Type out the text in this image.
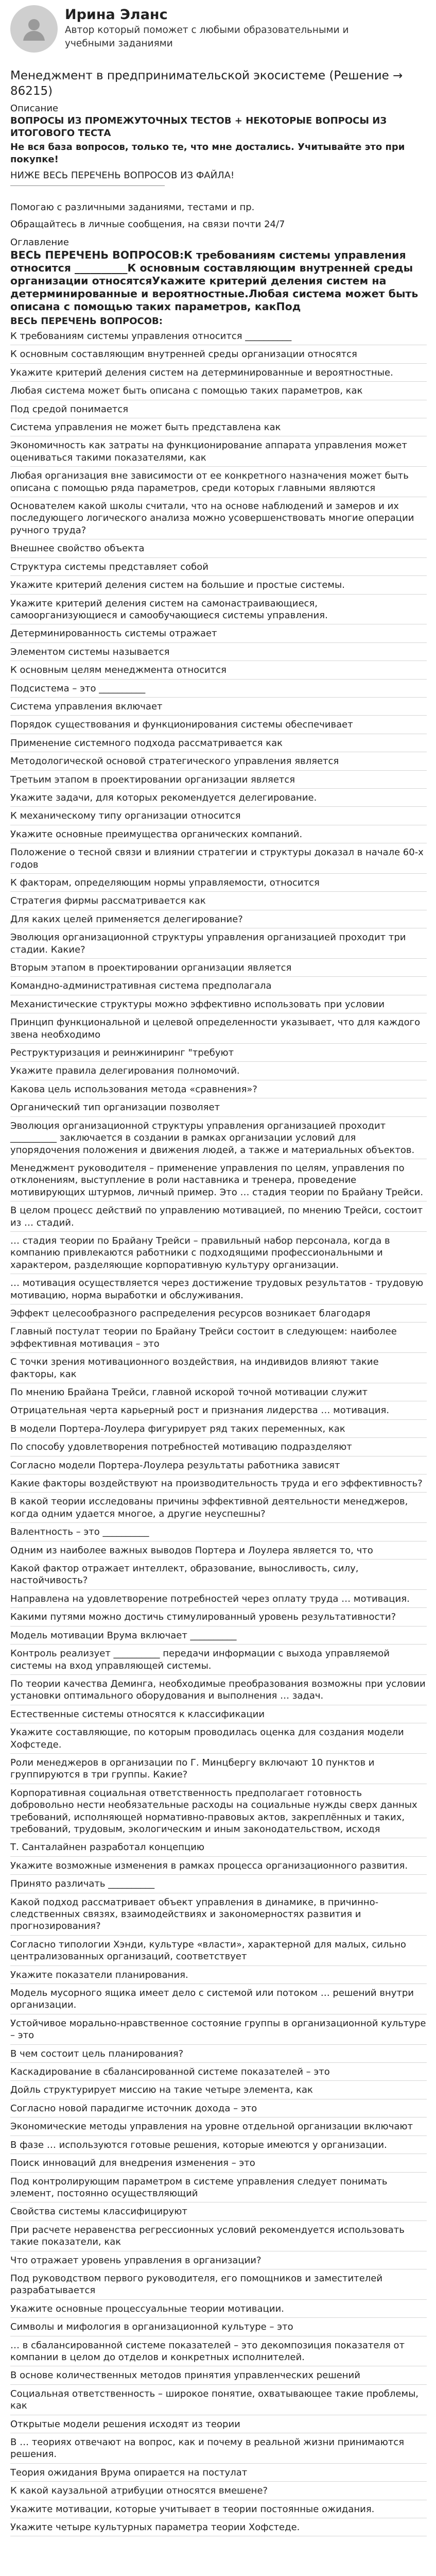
Ирина Эланс
Автор который поможет с любыми образовательными и учебными заданиями
Менеджмент в предпринимательской экосистеме (Решение → 86215)
Описание
ВОПРОСЫ ИЗ ПРОМЕЖУТОЧНЫХ ТЕСТОВ + НЕКОТОРЫЕ ВОПРОСЫ ИЗ ИТОГОВОГО ТЕСТА
Не вся база вопросов, только те, что мне достались. Учитывайте это при покупке!
НИЖЕ ВЕСЬ ПЕРЕЧЕНЬ ВОПРОСОВ ИЗ ФАЙЛА!
Помогаю с различными заданиями, тестами и пр.
Обращайтесь в личные сообщения, на связи почти 24/7
Оглавление
ВЕСЬ ПЕРЕЧЕНЬ ВОПРОСОВ:К требованиям системы управления относится __________К основным составляющим внутренней среды организации относятсяУкажите критерий деления систем на детерминированные и вероятностные.Любая система может быть описана с помощью таких параметров, какПод
ВЕСЬ ПЕРЕЧЕНЬ ВОПРОСОВ:
К требованиям системы управления относится __________
К основным составляющим внутренней среды организации относятся
Укажите критерий деления систем на детерминированные и вероятностные.
Любая система может быть описана с помощью таких параметров, как
Под средой понимается
Система управления не может быть представлена как
Экономичность как затраты на функционирование аппарата управления может оцениваться такими показателями, как
Любая организация вне зависимости от ее конкретного назначения может быть описана с помощью ряда параметров, среди которых главными являются
Основателем какой школы считали, что на основе наблюдений и замеров и их последующего логического анализа можно усовершенствовать многие операции ручного труда?
Внешнее свойство объекта
Структура системы представляет собой
Укажите критерий деления систем на большие и простые системы.
Укажите критерий деления систем на самонастраивающиеся, самоорганизующиеся и самообучающиеся системы управления.
Детерминированность системы отражает
Элементом системы называется
К основным целям менеджмента относится
Подсистема – это __________
Система управления включает
Порядок существования и функционирования системы обеспечивает
Применение системного подхода рассматривается как
Методологической основой стратегического управления является
Третьим этапом в проектировании организации является
Укажите задачи, для которых рекомендуется делегирование.
К механическому типу организации относится
Укажите основные преимущества органических компаний.
Положение о тесной связи и влиянии стратегии и структуры доказал в начале 60-х годов
К факторам, определяющим нормы управляемости, относится
Стратегия фирмы рассматривается как
Для каких целей применяется делегирование?
Эволюция организационной структуры управления организацией проходит три стадии. Какие?
Вторым этапом в проектировании организации является
Командно-административная система предполагала
Механистические структуры можно эффективно использовать при условии
Принцип функциональной и целевой определенности указывает, что для каждого звена необходимо
Реструктуризация и реинжиниринг "требуют
Укажите правила делегирования полномочий.
Какова цель использования метода «сравнения»?
Органический тип организации позволяет
Эволюция организационной структуры управления организацией проходит __________ заключается в создании в рамках организации условий для упорядочения положения и движения людей, а также и материальных объектов.
Менеджмент руководителя – применение управления по целям, управления по отклонениям, выступление в роли наставника и тренера, проведение мотивирующих штурмов, личный пример. Это … стадия теории по Брайану Трейси.
В целом процесс действий по управлению мотивацией, по мнению Трейси, состоит из … стадий.
… стадия теории по Брайану Трейси – правильный набор персонала, когда в компанию привлекаются работники с подходящими профессиональными и характером, разделяющие корпоративную культуру организации.
… мотивация осуществляется через достижение трудовых результатов - трудовую мотивацию, норма выработки и обслуживания.
Эффект целесообразного распределения ресурсов возникает благодаря
Главный постулат теории по Брайану Трейси состоит в следующем: наиболее эффективная мотивация – это
С точки зрения мотивационного воздействия, на индивидов влияют такие факторы, как
По мнению Брайана Трейси, главной искорой точной мотивации служит
Отрицательная черта карьерный рост и признания лидерства … мотивация.
В модели Портера-Лоулера фигурирует ряд таких переменных, как
По способу удовлетворения потребностей мотивацию подразделяют
Согласно модели Портера-Лоулера результаты работника зависят
Какие факторы воздействуют на производительность труда и его эффективность?
В какой теории исследованы причины эффективной деятельности менеджеров, когда одним удается многое, а другие неуспешны?
Валентность – это __________
Одним из наиболее важных выводов Портера и Лоулера является то, что
Какой фактор отражает интеллект, образование, выносливость, силу, настойчивость?
Направлена на удовлетворение потребностей через оплату труда … мотивация.
Какими путями можно достичь стимулированный уровень результативности?
Модель мотивации Врума включает __________
Контроль реализует __________ передачи информации с выхода управляемой системы на вход управляющей системы.
По теории качества Деминга, необходимые преобразования возможны при условии установки оптимального оборудования и выполнения … задач.
Естественные системы относятся к классификации
Укажите составляющие, по которым проводилась оценка для создания модели Хофстеде.
Роли менеджеров в организации по Г. Минцбергу включают 10 пунктов и группируются в три группы. Какие?
Корпоративная социальная ответственность предполагает готовность добровольно нести необязательные расходы на социальные нужды сверх данных требований, исполняющей нормативно-правовых актов, закреплённых и таких, требований, трудовым, экологическим и иным законодательством, исходя
Т. Санталайнен разработал концепцию
Укажите возможные изменения в рамках процесса организационного развития.
Принято различать __________
Какой подход рассматривает объект управления в динамике, в причинно-следственных связях, взаимодействиях и закономерностях развития и прогнозирования?
Согласно типологии Хэнди, культуре «власти», характерной для малых, сильно централизованных организаций, соответствует
Укажите показатели планирования.
Модель мусорного ящика имеет дело с системой или потоком … решений внутри организации.
Устойчивое морально-нравственное состояние группы в организационной культуре – это
В чем состоит цель планирования?
Каскадирование в сбалансированной системе показателей – это
Дойль структурирует миссию на такие четыре элемента, как
Согласно новой парадигме источник дохода – это
Экономические методы управления на уровне отдельной организации включают
В фазе … используются готовые решения, которые имеются у организации.
Поиск инноваций для внедрения изменения – это
Под контролирующим параметром в системе управления следует понимать элемент, постоянно осуществляющий
Свойства системы классифицируют
При расчете неравенства регрессионных условий рекомендуется использовать такие показатели, как
Что отражает уровень управления в организации?
Под руководством первого руководителя, его помощников и заместителей разрабатывается
Укажите основные процессуальные теории мотивации.
Символы и мифология в организационной культуре – это
… в сбалансированной системе показателей – это декомпозиция показателя от компании в целом до отделов и конкретных исполнителей.
В основе количественных методов принятия управленческих решений
Социальная ответственность – широкое понятие, охватывающее такие проблемы, как
Открытые модели решения исходят из теории
В … теориях отвечают на вопрос, как и почему в реальной жизни принимаются решения.
Теория ожидания Врума опирается на постулат
К какой каузальной атрибуции относятся вмешене?
Укажите мотивации, которые учитывает в теории постоянные ожидания.
Укажите четыре культурных параметра теории Хофстеде.
